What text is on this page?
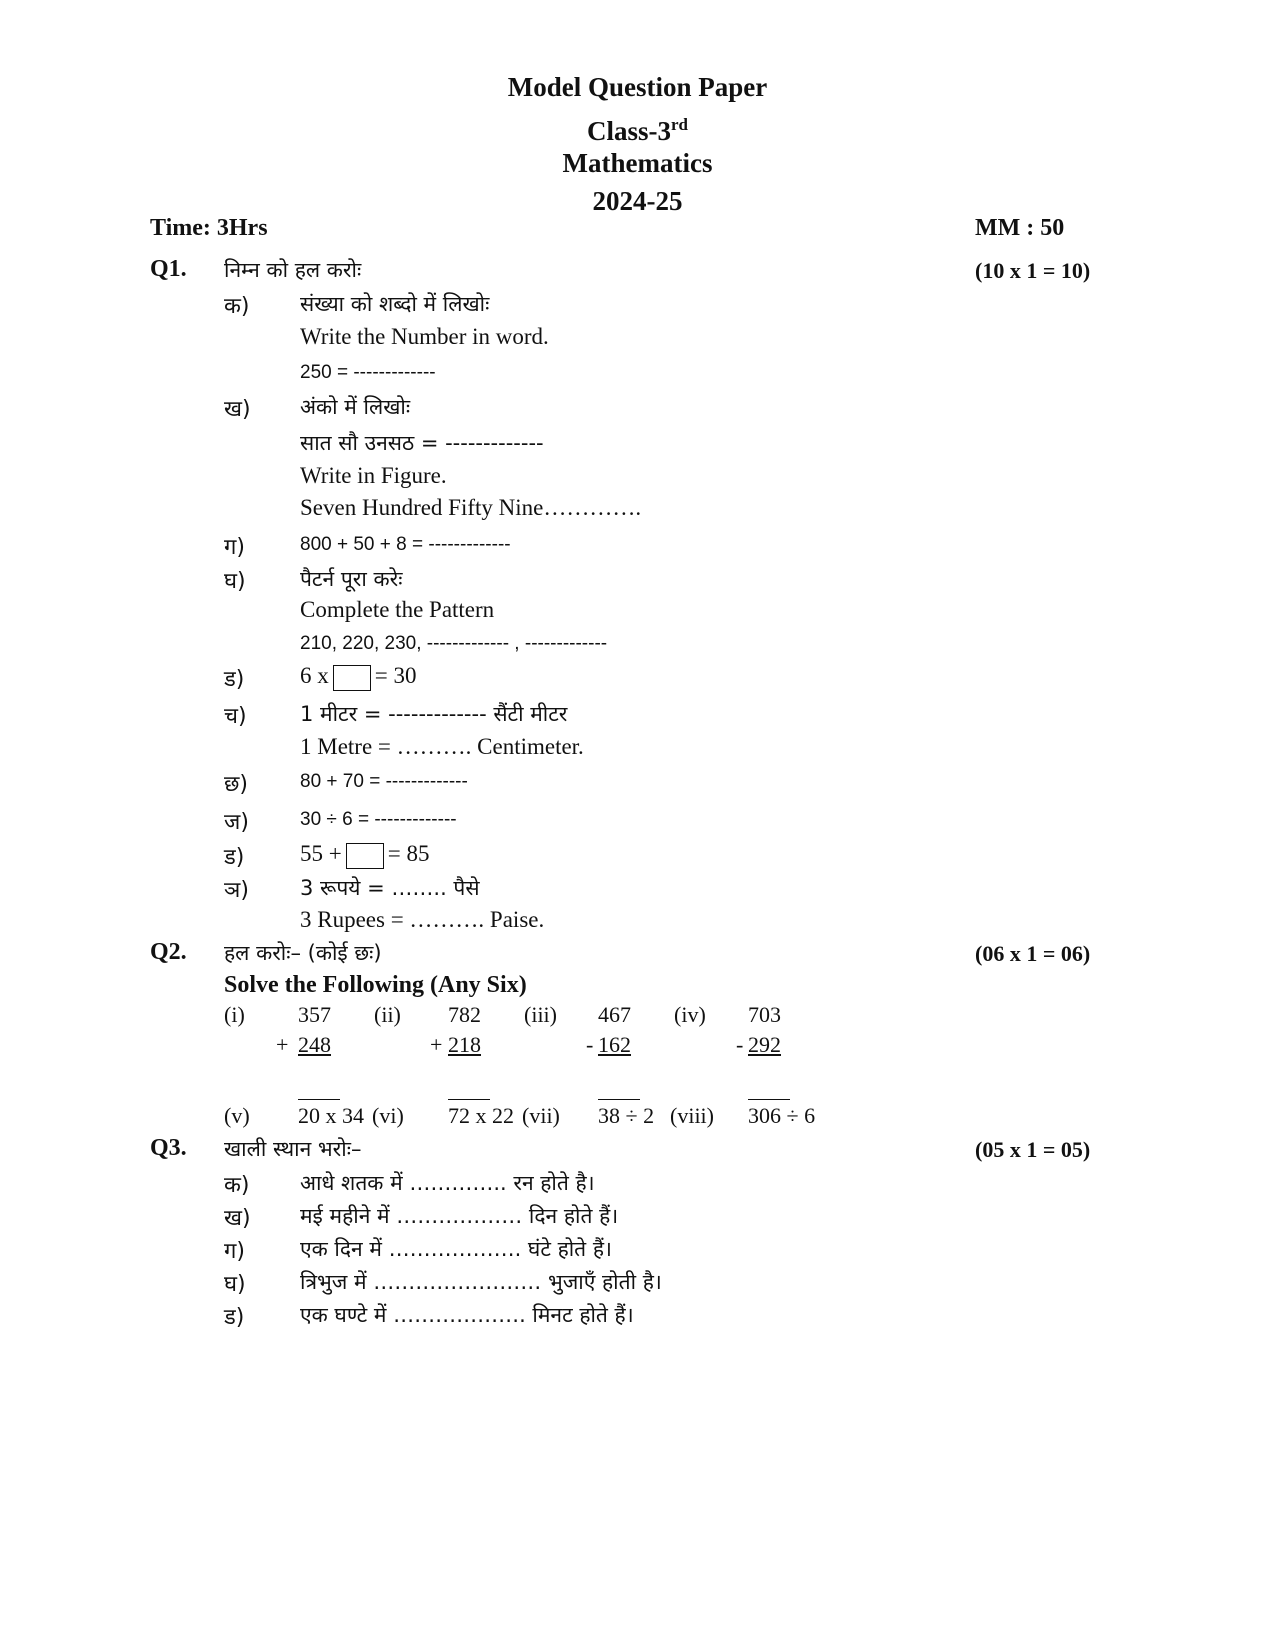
Model Question Paper
Class-3rd
Mathematics
2024-25
Time: 3Hrs	MM : 50
Q1. निम्न को हल करोः	(10 x 1 = 10)
क) संख्या को शब्दो में लिखोः
Write the Number in word.
250 = -------------
ख) अंको में लिखोः
सात सौ उनसठ = -------------
Write in Figure.
Seven Hundred Fifty Nine………….
ग)	800 + 50 + 8 = -------------
घ)	पैटर्न पूरा करेः
Complete the Pattern
210, 220, 230, ------------- , -------------
ड) 6 x = 30
च)	1 मीटर = ------------- सैंटी मीटर
1 Metre = ………. Centimeter.
छ)	80 + 70 = -------------
ज)	30 ÷ 6 = -------------
ड) 55 + = 85
ञ) 3 रूपये = …….. पैसे
3 Rupees = ………. Paise.
Q2. हल करोः– (कोई छः)	(06 x 1 = 06)
Solve the Following (Any Six)
(i) 357
+ 248
(ii) 782
+ 218
(iii) 467
- 162
(iv) 703
- 292
(v) 20 x 34 (vi) 72 x 22 (vii) 38 ÷ 2 (viii) 306 ÷ 6
Q3. खाली स्थान भरोः–	(05 x 1 = 05)
क) आधे शतक में ………….. रन होते है।
ख) मई महीने में ……………… दिन होते हैं।
ग)	एक दिन में ………………. घंटे होते हैं।
घ)	त्रिभुज में …………………… भुजाएँ होती है।
ड)	एक घण्टे में ………………. मिनट होते हैं।
